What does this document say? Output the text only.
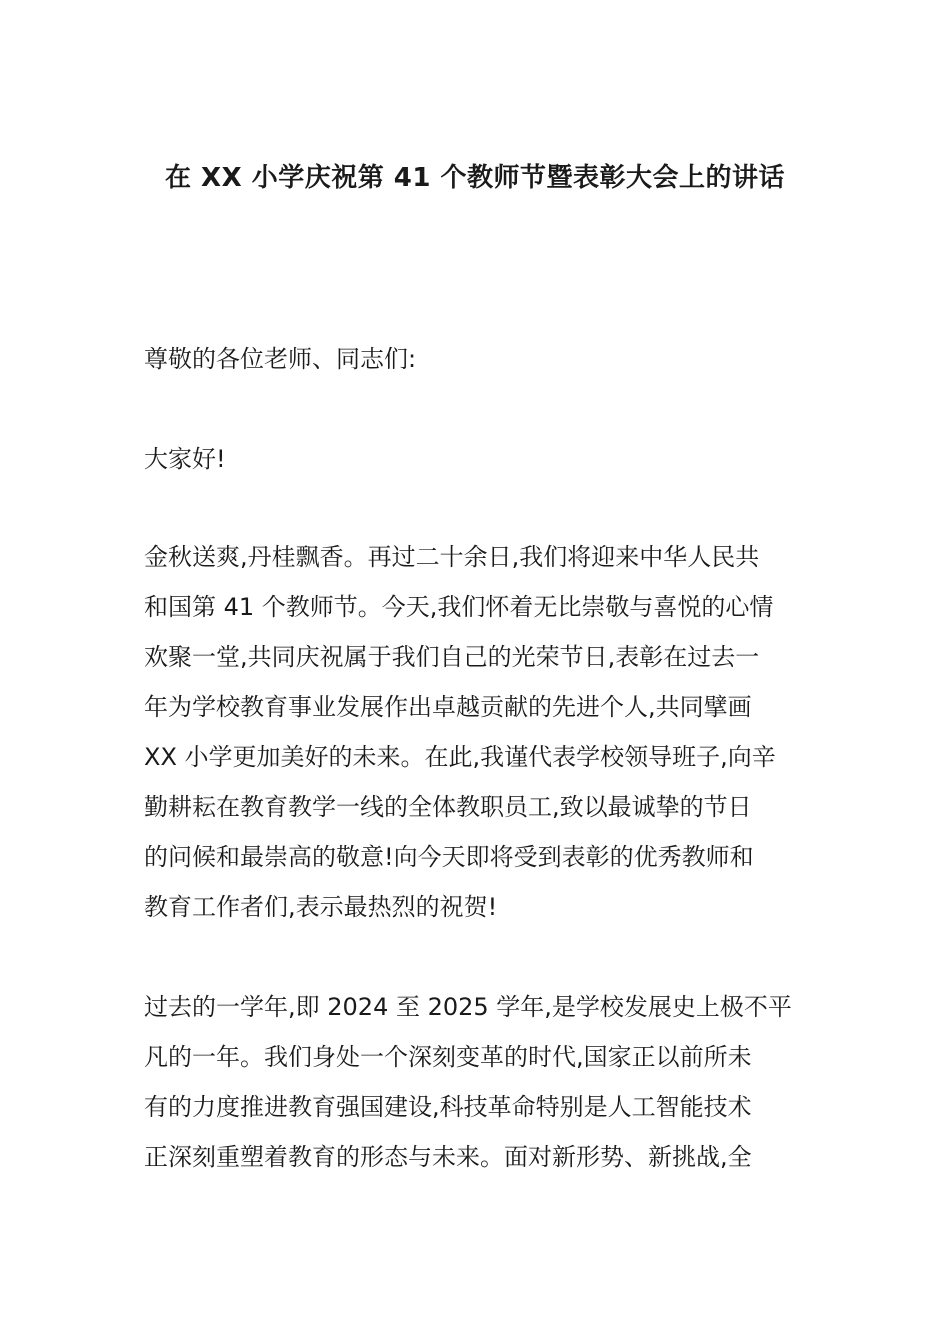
在 XX 小学庆祝第 41 个教师节暨表彰大会上的讲话

尊敬的各位老师、同志们:

大家好!

金秋送爽,丹桂飘香。再过二十余日,我们将迎来中华人民共
和国第 41 个教师节。今天,我们怀着无比崇敬与喜悦的心情
欢聚一堂,共同庆祝属于我们自己的光荣节日,表彰在过去一
年为学校教育事业发展作出卓越贡献的先进个人,共同擘画
XX 小学更加美好的未来。在此,我谨代表学校领导班子,向辛
勤耕耘在教育教学一线的全体教职员工,致以最诚挚的节日
的问候和最崇高的敬意!向今天即将受到表彰的优秀教师和
教育工作者们,表示最热烈的祝贺!

过去的一学年,即 2024 至 2025 学年,是学校发展史上极不平
凡的一年。我们身处一个深刻变革的时代,国家正以前所未
有的力度推进教育强国建设,科技革命特别是人工智能技术
正深刻重塑着教育的形态与未来。面对新形势、新挑战,全
